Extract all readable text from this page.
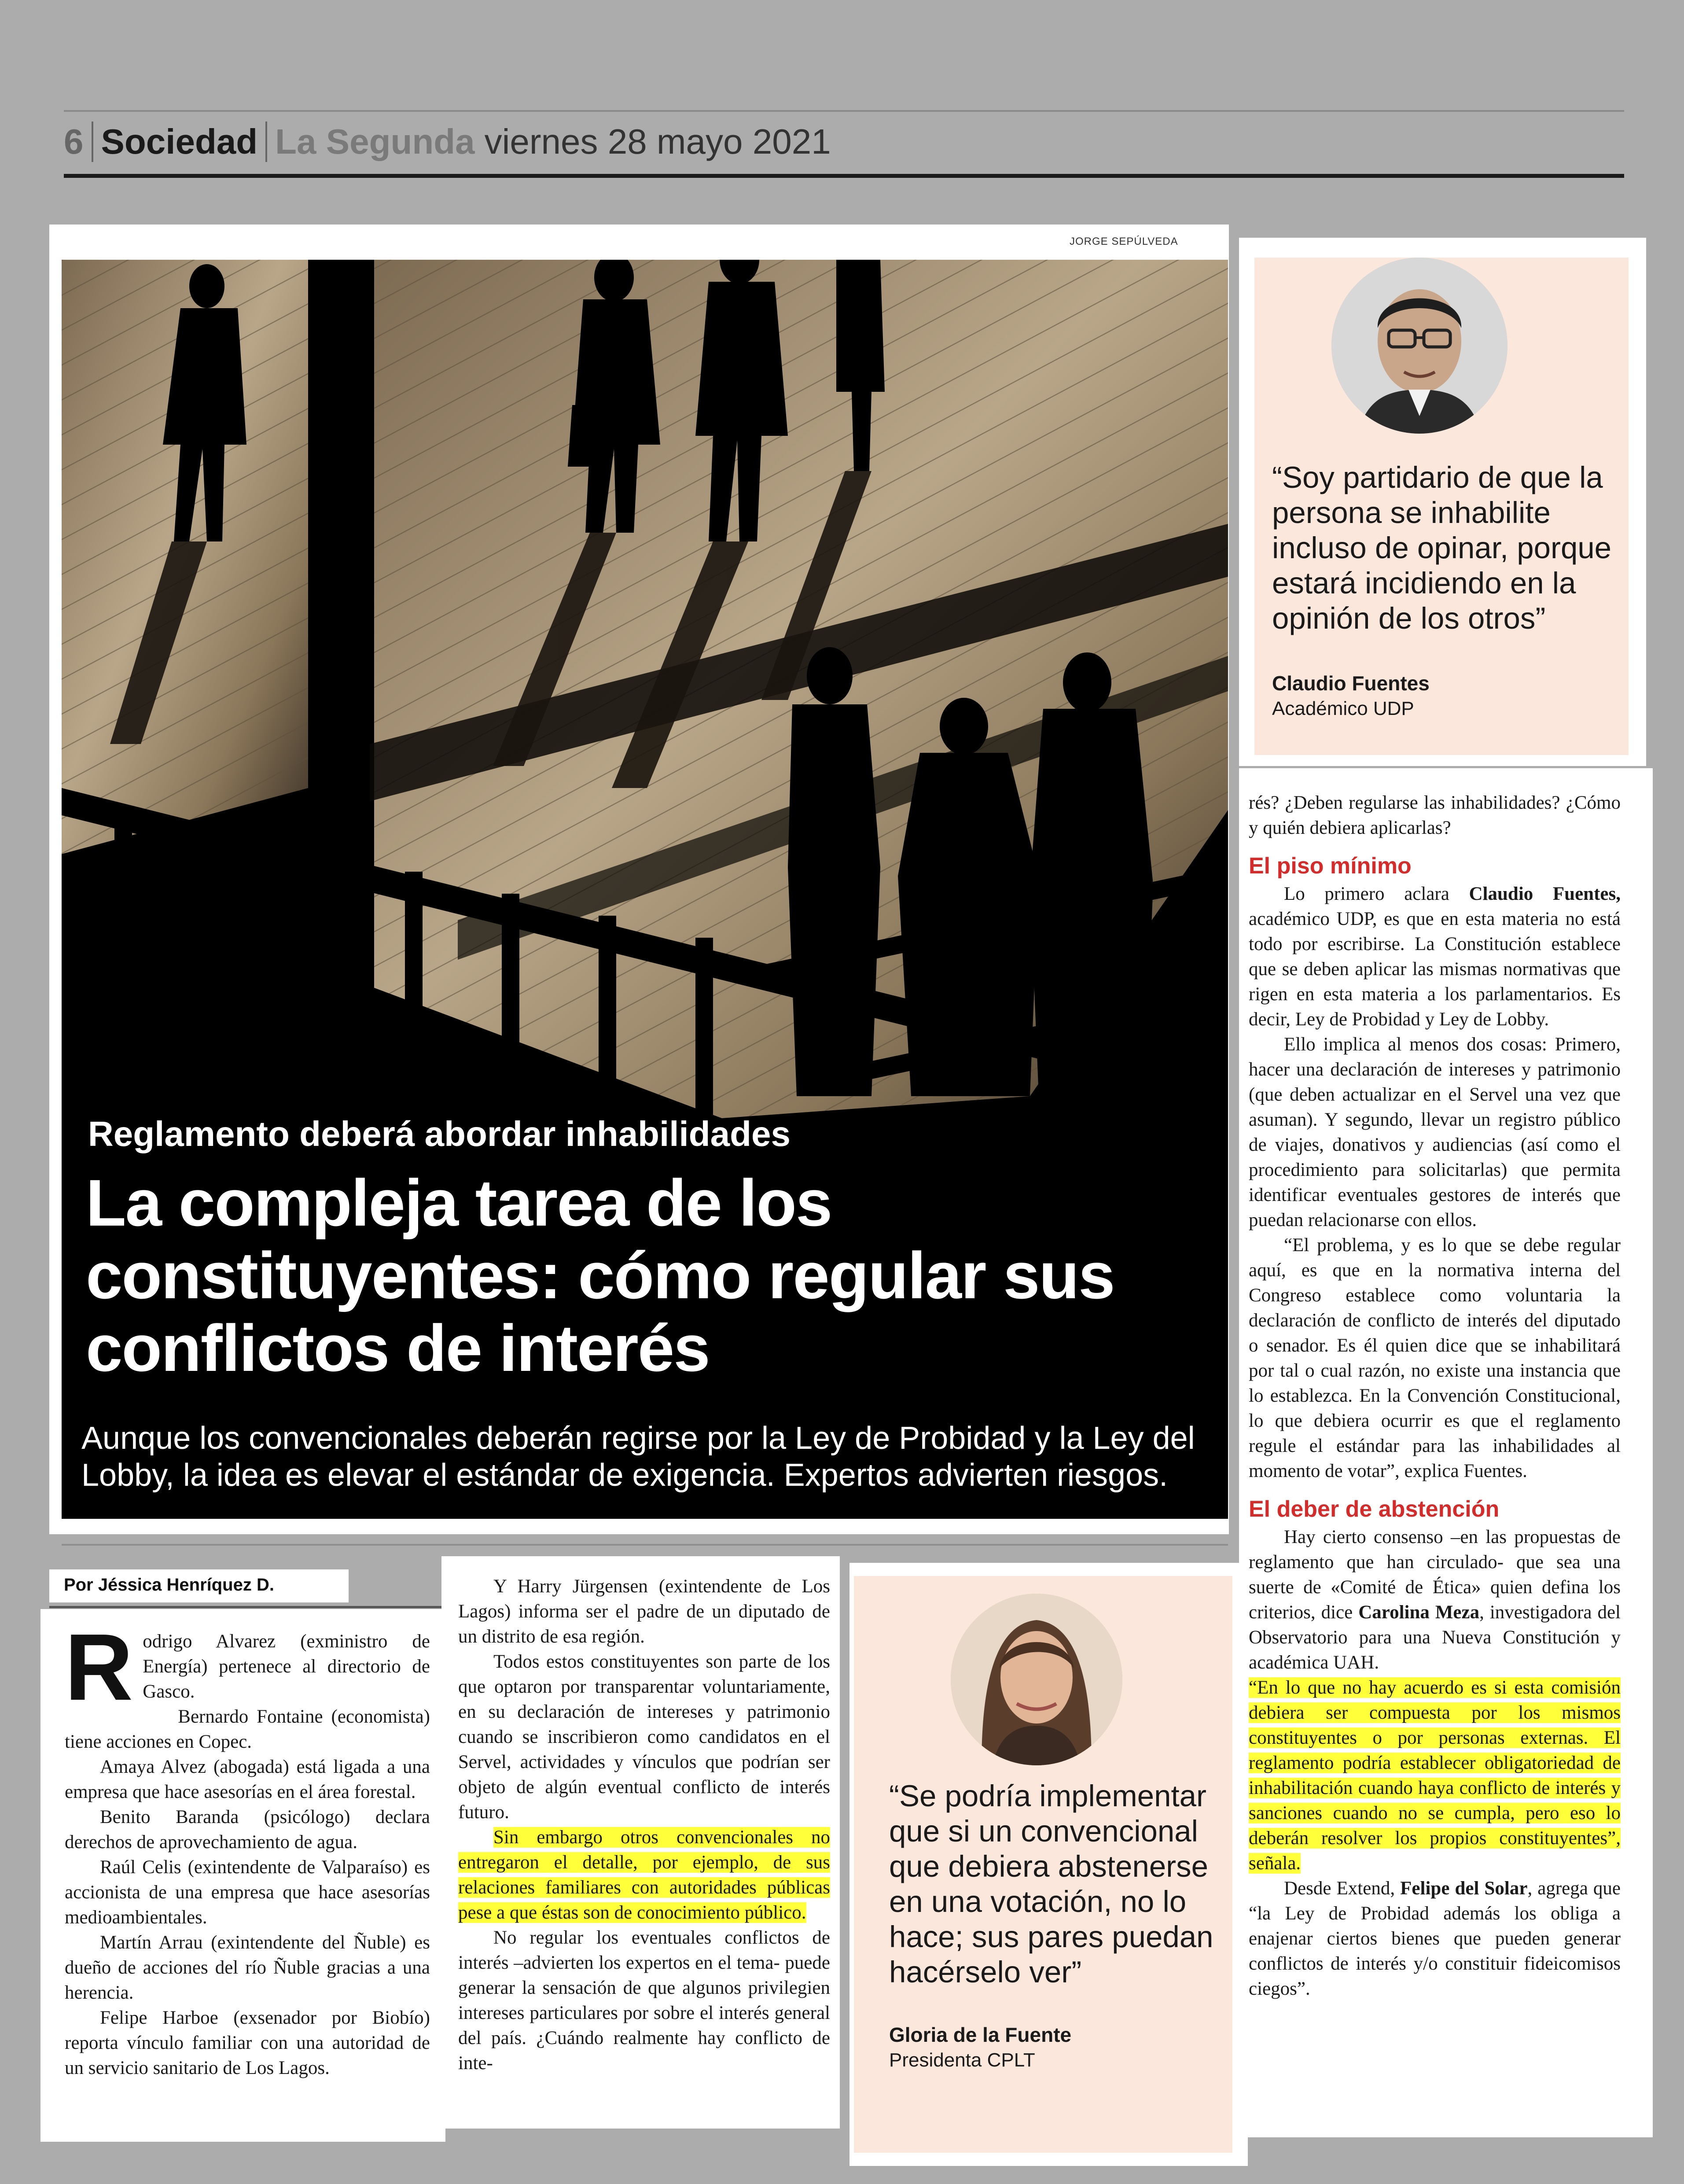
6 Sociedad La Segunda viernes 28 mayo 2021
JORGE SEPÚLVEDA
Reglamento deberá abordar inhabilidades
La compleja tarea de los constituyentes: cómo regular sus conflictos de interés
Aunque los convencionales deberán regirse por la Ley de Probidad y la Ley del Lobby, la idea es elevar el estándar de exigencia. Expertos advierten riesgos.
Por Jéssica Henríquez D.
R odrigo Alvarez (exministro de Energía) pertenece al directorio de Gasco.

Bernardo Fontaine (economista) tiene acciones en Copec.

Amaya Alvez (abogada) está ligada a una empresa que hace asesorías en el área forestal.

Benito Baranda (psicólogo) declara derechos de aprovechamiento de agua.

Raúl Celis (exintendente de Valparaíso) es accionista de una empresa que hace asesorías medioambientales.

Martín Arrau (exintendente del Ñuble) es dueño de acciones del río Ñuble gracias a una herencia.

Felipe Harboe (exsenador por Biobío) reporta vínculo familiar con una autoridad de un servicio sanitario de Los Lagos.

Y Harry Jürgensen (exintendente de Los Lagos) informa ser el padre de un diputado de un distrito de esa región.

Todos estos constituyentes son parte de los que optaron por transparentar voluntariamente, en su declaración de intereses y patrimonio cuando se inscribieron como candidatos en el Servel, actividades y vínculos que podrían ser objeto de algún eventual conflicto de interés futuro.

Sin embargo otros convencionales no entregaron el detalle, por ejemplo, de sus relaciones familiares con autoridades públicas pese a que éstas son de conocimiento público.

No regular los eventuales conflictos de interés –advierten los expertos en el tema- puede generar la sensación de que algunos privilegien intereses particulares por sobre el interés general del país. ¿Cuándo realmente hay conflicto de inte-

“Se podría implementar que si un convencional que debiera abstenerse en una votación, no lo hace; sus pares puedan hacérselo ver”
Gloria de la Fuente
Presidenta CPLT
“Soy partidario de que la persona se inhabilite incluso de opinar, porque estará incidiendo en la opinión de los otros”
Claudio Fuentes
Académico UDP

rés? ¿Deben regularse las inhabilidades? ¿Cómo y quién debiera aplicarlas?

El piso mínimo

Lo primero aclara Claudio Fuentes, académico UDP, es que en esta materia no está todo por escribirse. La Constitución establece que se deben aplicar las mismas normativas que rigen en esta materia a los parlamentarios. Es decir, Ley de Probidad y Ley de Lobby.

Ello implica al menos dos cosas: Primero, hacer una declaración de intereses y patrimonio (que deben actualizar en el Servel una vez que asuman). Y segundo, llevar un registro público de viajes, donativos y audiencias (así como el procedimiento para solicitarlas) que permita identificar eventuales gestores de interés que puedan relacionarse con ellos.

“El problema, y es lo que se debe regular aquí, es que en la normativa interna del Congreso establece como voluntaria la declaración de conflicto de interés del diputado o senador. Es él quien dice que se inhabilitará por tal o cual razón, no existe una instancia que lo establezca. En la Convención Constitucional, lo que debiera ocurrir es que el reglamento regule el estándar para las inhabilidades al momento de votar”, explica Fuentes.

El deber de abstención

Hay cierto consenso –en las propuestas de reglamento que han circulado- que sea una suerte de «Comité de Ética» quien defina los criterios, dice Carolina Meza, investigadora del Observatorio para una Nueva Constitución y académica UAH.

“En lo que no hay acuerdo es si esta comisión debiera ser compuesta por los mismos constituyentes o por personas externas. El reglamento podría establecer obligatoriedad de inhabilitación cuando haya conflicto de interés y sanciones cuando no se cumpla, pero eso lo deberán resolver los propios constituyentes”, señala.

Desde Extend, Felipe del Solar, agrega que “la Ley de Probidad además los obliga a enajenar ciertos bienes que pueden generar conflictos de interés y/o constituir fideicomisos ciegos”.
